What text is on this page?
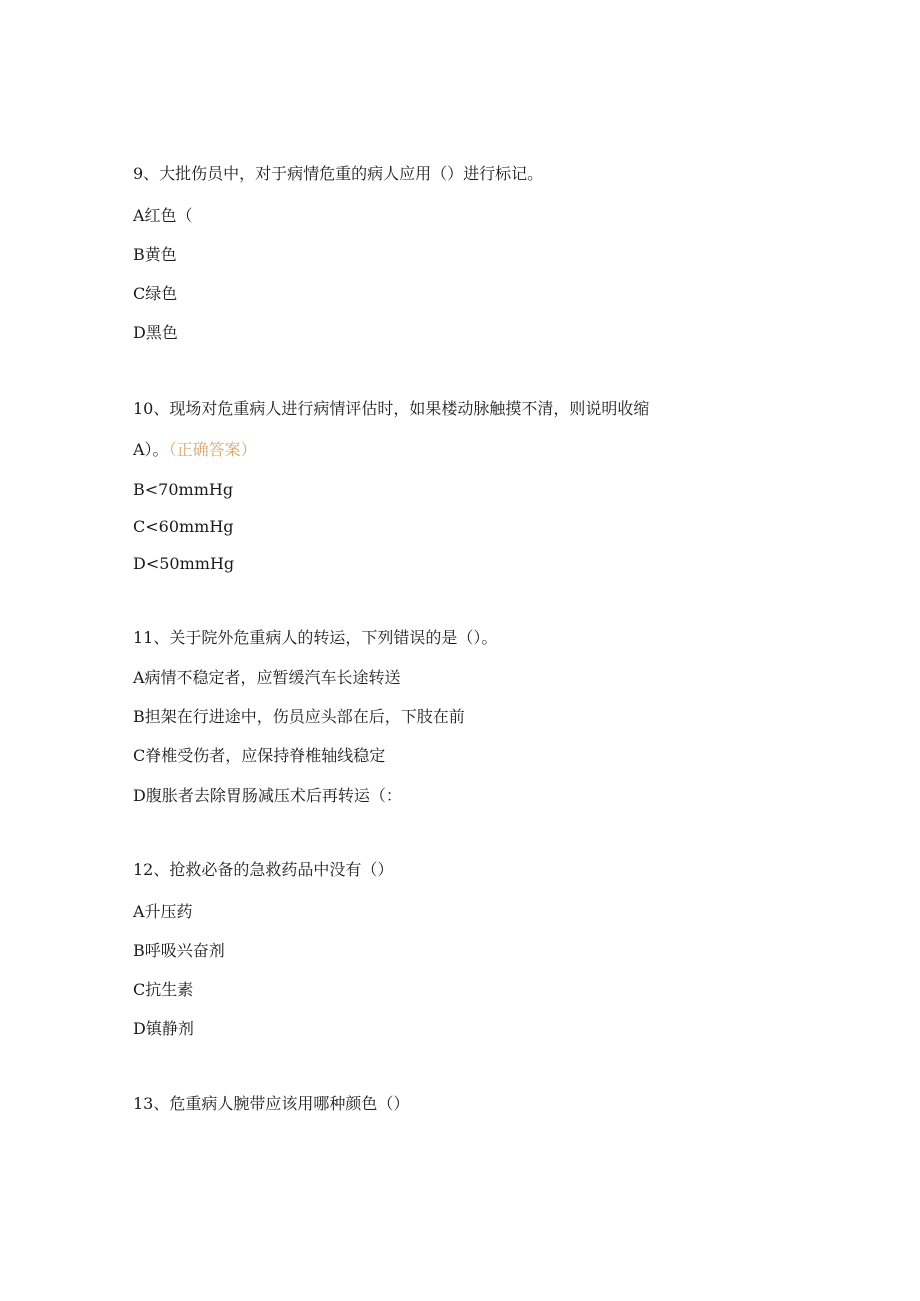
9、大批伤员中，对于病情危重的病人应用（）进行标记。
A红色（
B黄色
C绿色
D黑色
10、现场对危重病人进行病情评估时，如果楼动脉触摸不清，则说明收缩
A）。（正确答案）
B<70mmHg
C<60mmHg
D<50mmHg
11、关于院外危重病人的转运，下列错误的是（）。
A病情不稳定者，应暂缓汽车长途转送
B担架在行进途中，伤员应头部在后，下肢在前
C脊椎受伤者，应保持脊椎轴线稳定
D腹胀者去除胃肠减压术后再转运（：
12、抢救必备的急救药品中没有（）
A升压药
B呼吸兴奋剂
C抗生素
D镇静剂
13、危重病人腕带应该用哪种颜色（）
